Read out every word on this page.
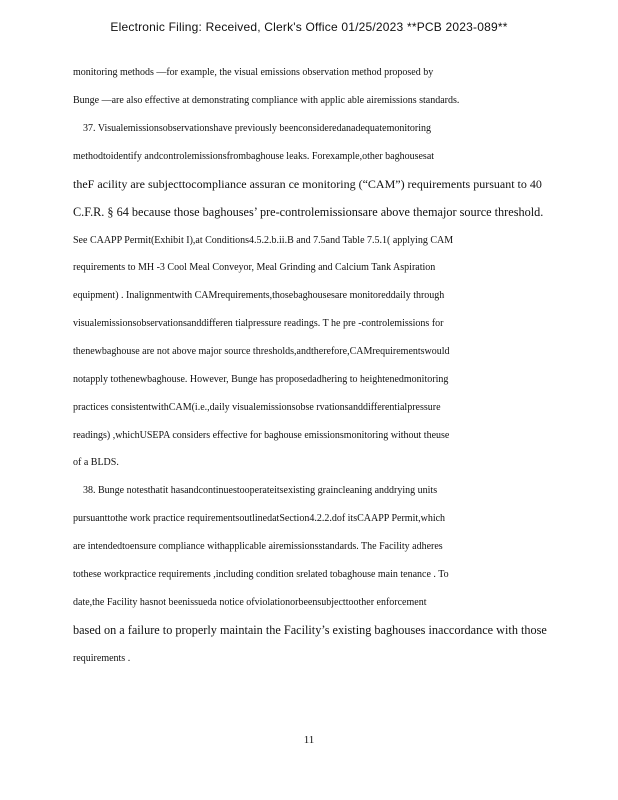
Electronic Filing: Received, Clerk's Office 01/25/2023 **PCB 2023-089**
monitoring methods —for example, the visual emissions observation method proposed by
Bunge —are also effective at demonstrating compliance with applic able airemissions standards.
37. Visualemissionsobservationshave previously beenconsideredanadequatemonitoring
methodtoidentify andcontrolemissionsfrombaghouse leaks. Forexample,other baghousesat
theF acility are subjecttocompliance assuran ce monitoring (“CAM”) requirements pursuant to 40
C.F.R. § 64 because those baghouses’ pre-controlemissionsare above themajor source threshold.
See CAAPP Permit(Exhibit I),at Conditions4.5.2.b.ii.B and 7.5and Table 7.5.1( applying CAM
requirements to MH -3 Cool Meal Conveyor, Meal Grinding and Calcium Tank Aspiration
equipment) . Inalignmentwith CAMrequirements,thosebaghousesare monitoreddaily through
visualemissionsobservationsanddifferen tialpressure readings. T he pre -controlemissions for
thenewbaghouse are not above major source thresholds,andtherefore,CAMrequirementswould
notapply tothenewbaghouse. However, Bunge has proposedadhering to heightenedmonitoring
practices consistentwithCAM(i.e.,daily visualemissionsobse rvationsanddifferentialpressure
readings) ,whichUSEPA considers effective for baghouse emissionsmonitoring without theuse
of a BLDS.
38. Bunge notesthatit hasandcontinuestooperateitsexisting graincleaning anddrying units
pursuanttothe work practice requirementsoutlinedatSection4.2.2.dof itsCAAPP Permit,which
are intendedtoensure compliance withapplicable airemissionsstandards. The Facility adheres
tothese workpractice requirements ,including condition srelated tobaghouse main tenance . To
date,the Facility hasnot beenissueda notice ofviolationorbeensubjecttoother enforcement
based on a failure to properly maintain the Facility’s existing baghouses inaccordance with those
requirements .
11
